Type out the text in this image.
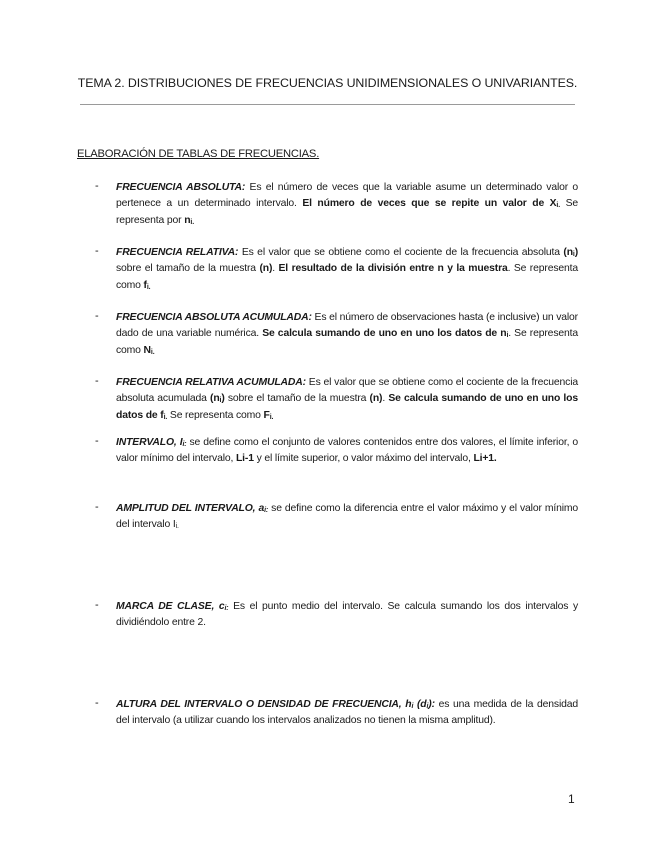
TEMA 2. DISTRIBUCIONES DE FRECUENCIAS UNIDIMENSIONALES O UNIVARIANTES.
ELABORACIÓN DE TABLAS DE FRECUENCIAS.
- FRECUENCIA ABSOLUTA: Es el número de veces que la variable asume un determinado valor o pertenece a un determinado intervalo. El número de veces que se repite un valor de $X_{i.}$ Se representa por $n_{i.}$
- FRECUENCIA RELATIVA: Es el valor que se obtiene como el cociente de la frecuencia absoluta $(n_i)$ sobre el tamaño de la muestra (n). El resultado de la división entre n y la muestra. Se representa como $f_{i.}$
- FRECUENCIA ABSOLUTA ACUMULADA: Es el número de observaciones hasta (e inclusive) un valor dado de una variable numérica. Se calcula sumando de uno en uno los datos de $n_i$. Se representa como $N_{i.}$
- FRECUENCIA RELATIVA ACUMULADA: Es el valor que se obtiene como el cociente de la frecuencia absoluta acumulada $(n_i)$ sobre el tamaño de la muestra (n). Se calcula sumando de uno en uno los datos de $f_{i.}$ Se representa como $F_{i.}$
- INTERVALO, $I_{i:}$ se define como el conjunto de valores contenidos entre dos valores, el límite inferior, o valor mínimo del intervalo, Li-1 y el límite superior, o valor máximo del intervalo, Li+1.
- AMPLITUD DEL INTERVALO, $a_{i:}$ se define como la diferencia entre el valor máximo y el valor mínimo del intervalo $I_{i.}$
- MARCA DE CLASE, $c_{i:}$ Es el punto medio del intervalo. Se calcula sumando los dos intervalos y dividiéndolo entre 2.
- ALTURA DEL INTERVALO O DENSIDAD DE FRECUENCIA, $h_i$ $(d_i)$: es una medida de la densidad del intervalo (a utilizar cuando los intervalos analizados no tienen la misma amplitud).
1
